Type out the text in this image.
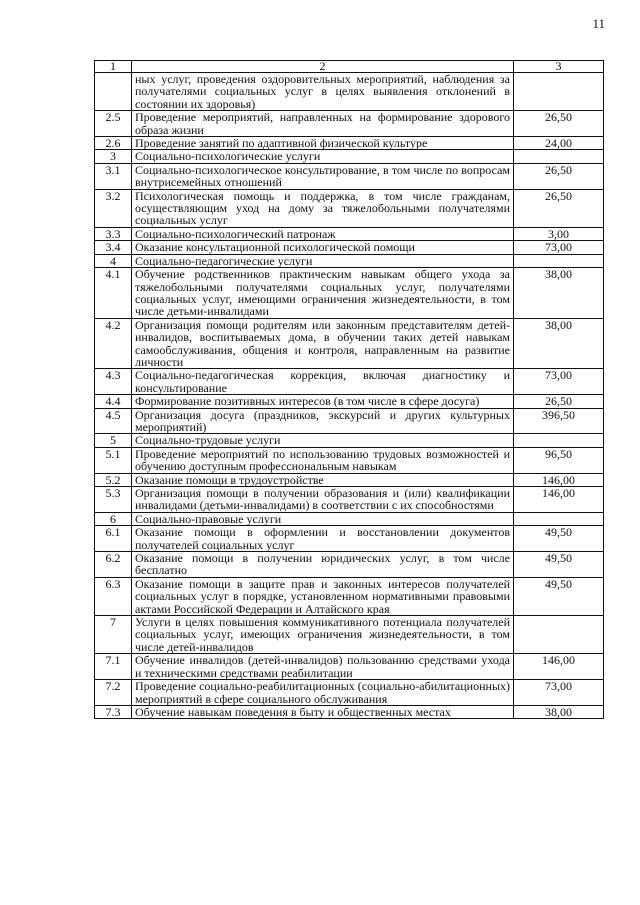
11
1	2	3
	ных услуг, проведения оздоровительных мероприятий, наблюдения за получателями социальных услуг в целях выявления отклонений в состоянии их здоровья)	
2.5	Проведение мероприятий, направленных на формирование здорового образа жизни	26,50
2.6	Проведение занятий по адаптивной физической культуре	24,00
3	Социально-психологические услуги	
3.1	Социально-психологическое консультирование, в том числе по вопросам внутрисемейных отношений	26,50
3.2	Психологическая помощь и поддержка, в том числе гражданам, осуществляющим уход на дому за тяжелобольными получателями социальных услуг	26,50
3.3	Социально-психологический патронаж	3,00
3.4	Оказание консультационной психологической помощи	73,00
4	Социально-педагогические услуги	
4.1	Обучение родственников практическим навыкам общего ухода за тяжелобольными получателями социальных услуг, получателями социальных услуг, имеющими ограничения жизнедеятельности, в том числе детьми-инвалидами	38,00
4.2	Организация помощи родителям или законным представителям детей-инвалидов, воспитываемых дома, в обучении таких детей навыкам самообслуживания, общения и контроля, направленным на развитие личности	38,00
4.3	Социально-педагогическая коррекция, включая диагностику и консультирование	73,00
4.4	Формирование позитивных интересов (в том числе в сфере досуга)	26,50
4.5	Организация досуга (праздников, экскурсий и других культурных мероприятий)	396,50
5	Социально-трудовые услуги	
5.1	Проведение мероприятий по использованию трудовых возможностей и обучению доступным профессиональным навыкам	96,50
5.2	Оказание помощи в трудоустройстве	146,00
5.3	Организация помощи в получении образования и (или) квалификации инвалидами (детьми-инвалидами) в соответствии с их способностями	146,00
6	Социально-правовые услуги	
6.1	Оказание помощи в оформлении и восстановлении документов получателей социальных услуг	49,50
6.2	Оказание помощи в получении юридических услуг, в том числе бесплатно	49,50
6.3	Оказание помощи в защите прав и законных интересов получателей социальных услуг в порядке, установленном нормативными правовыми актами Российской Федерации и Алтайского края	49,50
7	Услуги в целях повышения коммуникативного потенциала получателей социальных услуг, имеющих ограничения жизнедеятельности, в том числе детей-инвалидов	
7.1	Обучение инвалидов (детей-инвалидов) пользованию средствами ухода и техническими средствами реабилитации	146,00
7.2	Проведение социально-реабилитационных (социально-абилитационных) мероприятий в сфере социального обслуживания	73,00
7.3	Обучение навыкам поведения в быту и общественных местах	38,00
